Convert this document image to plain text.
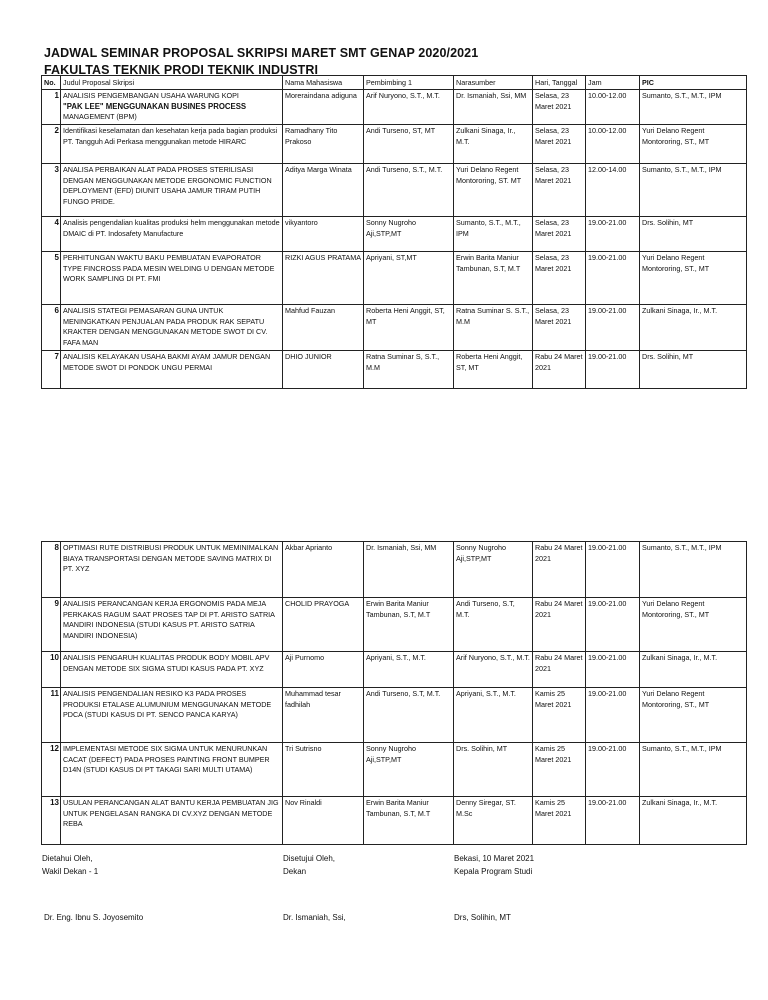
JADWAL SEMINAR PROPOSAL SKRIPSI MARET SMT GENAP 2020/2021
FAKULTAS TEKNIK PRODI TEKNIK INDUSTRI
No.	Judul Proposal Skripsi	Nama Mahasiswa	Pembimbing 1	Narasumber	Hari, Tanggal	Jam	PIC
1	ANALISIS PENGEMBANGAN USAHA WARUNG KOPI
"PAK LEE" MENGGUNAKAN BUSINES PROCESS
MANAGEMENT (BPM)	Moreraindana adiguna	Arif Nuryono, S.T., M.T.	Dr. Ismaniah, Ssi, MM	Selasa, 23 Maret 2021	10.00-12.00	Sumanto, S.T., M.T., IPM
2	Identifikasi keselamatan dan kesehatan kerja pada bagian produksi PT. Tangguh Adi Perkasa menggunakan metode HIRARC	Ramadhany Tito Prakoso	Andi Turseno, ST, MT	Zulkani Sinaga, Ir., M.T.	Selasa, 23 Maret 2021	10.00-12.00	Yuri Delano Regent Montororing, ST., MT
3	ANALISA PERBAIKAN ALAT PADA PROSES STERILISASI DENGAN MENGGUNAKAN METODE ERGONOMIC FUNCTION DEPLOYMENT (EFD) DIUNIT USAHA JAMUR TIRAM PUTIH FUNGO PRIDE.	Aditya Marga Winata	Andi Turseno, S.T., M.T.	Yuri Delano Regent Montororing, ST. MT	Selasa, 23 Maret 2021	12.00-14.00	Sumanto, S.T., M.T., IPM
4	Analisis pengendalian kualitas produksi helm menggunakan metode DMAIC di PT. Indosafety Manufacture	vikyantoro	Sonny Nugroho Aji,STP,MT	Sumanto, S.T., M.T., IPM	Selasa, 23 Maret 2021	19.00-21.00	Drs. Solihin, MT
5	PERHITUNGAN WAKTU BAKU PEMBUATAN EVAPORATOR TYPE FINCROSS PADA MESIN WELDING U DENGAN METODE WORK SAMPLING DI PT. FMI	RIZKI AGUS PRATAMA	Apriyani, ST,MT	Erwin Barita Maniur Tambunan, S.T, M.T	Selasa, 23 Maret 2021	19.00-21.00	Yuri Delano Regent Montororing, ST., MT
6	ANALISIS STATEGI PEMASARAN GUNA UNTUK MENINGKATKAN PENJUALAN PADA PRODUK RAK SEPATU KRAKTER DENGAN MENGGUNAKAN METODE SWOT DI CV. FAFA MAN	Mahfud Fauzan	Roberta Heni Anggit, ST, MT	Ratna Suminar S. S.T., M.M	Selasa, 23 Maret 2021	19.00-21.00	Zulkani Sinaga, Ir., M.T.
7	ANALISIS KELAYAKAN USAHA BAKMI AYAM JAMUR DENGAN METODE SWOT DI PONDOK UNGU PERMAI	DHIO JUNIOR	Ratna Suminar S, S.T., M.M	Roberta Heni Anggit, ST, MT	Rabu 24 Maret 2021	19.00-21.00	Drs. Solihin, MT
8	OPTIMASI RUTE DISTRIBUSI PRODUK UNTUK MEMINIMALKAN BIAYA TRANSPORTASI DENGAN METODE SAVING MATRIX DI PT. XYZ	Akbar Aprianto	Dr. Ismaniah, Ssi, MM	Sonny Nugroho Aji,STP,MT	Rabu 24 Maret 2021	19.00-21.00	Sumanto, S.T., M.T., IPM
9	ANALISIS PERANCANGAN KERJA ERGONOMIS PADA MEJA PERKAKAS RAGUM SAAT PROSES TAP DI PT. ARISTO SATRIA MANDIRI INDONESIA (STUDI KASUS PT. ARISTO SATRIA MANDIRI INDONESIA)	CHOLID PRAYOGA	Erwin Barita Maniur Tambunan, S.T, M.T	Andi Turseno, S.T, M.T.	Rabu 24 Maret 2021	19.00-21.00	Yuri Delano Regent Montororing, ST., MT
10	ANALISIS PENGARUH KUALITAS PRODUK BODY MOBIL APV DENGAN METODE SIX SIGMA STUDI KASUS PADA PT. XYZ	Aji Purnomo	Apriyani, S.T., M.T.	Arif Nuryono, S.T., M.T.	Rabu 24 Maret 2021	19.00-21.00	Zulkani Sinaga, Ir., M.T.
11	ANALISIS PENGENDALIAN RESIKO K3 PADA PROSES PRODUKSI ETALASE ALUMUNIUM MENGGUNAKAN METODE PDCA (STUDI KASUS DI PT. SENCO PANCA KARYA)	Muhammad tesar fadhilah	Andi Turseno, S.T, M.T.	Apriyani, S.T., M.T.	Kamis 25 Maret 2021	19.00-21.00	Yuri Delano Regent Montororing, ST., MT
12	IMPLEMENTASI METODE SIX SIGMA UNTUK MENURUNKAN CACAT (DEFECT) PADA PROSES PAINTING FRONT BUMPER D14N (STUDI KASUS DI PT TAKAGI SARI MULTI UTAMA)	Tri Sutrisno	Sonny Nugroho Aji,STP,MT	Drs. Solihin, MT	Kamis 25 Maret 2021	19.00-21.00	Sumanto, S.T., M.T., IPM
13	USULAN PERANCANGAN ALAT BANTU KERJA PEMBUATAN JIG UNTUK PENGELASAN RANGKA DI CV.XYZ DENGAN METODE REBA	Nov Rinaldi	Erwin Barita Maniur Tambunan, S.T, M.T	Denny Siregar, ST. M.Sc	Kamis 25 Maret 2021	19.00-21.00	Zulkani Sinaga, Ir., M.T.
Dietahui Oleh,
Wakil Dekan - 1
Disetujui Oleh,
Dekan
Bekasi, 10 Maret 2021
Kepala Program Studi
Dr. Eng. Ibnu S. Joyosemito	Dr. Ismaniah, Ssi,	Drs, Solihin, MT
